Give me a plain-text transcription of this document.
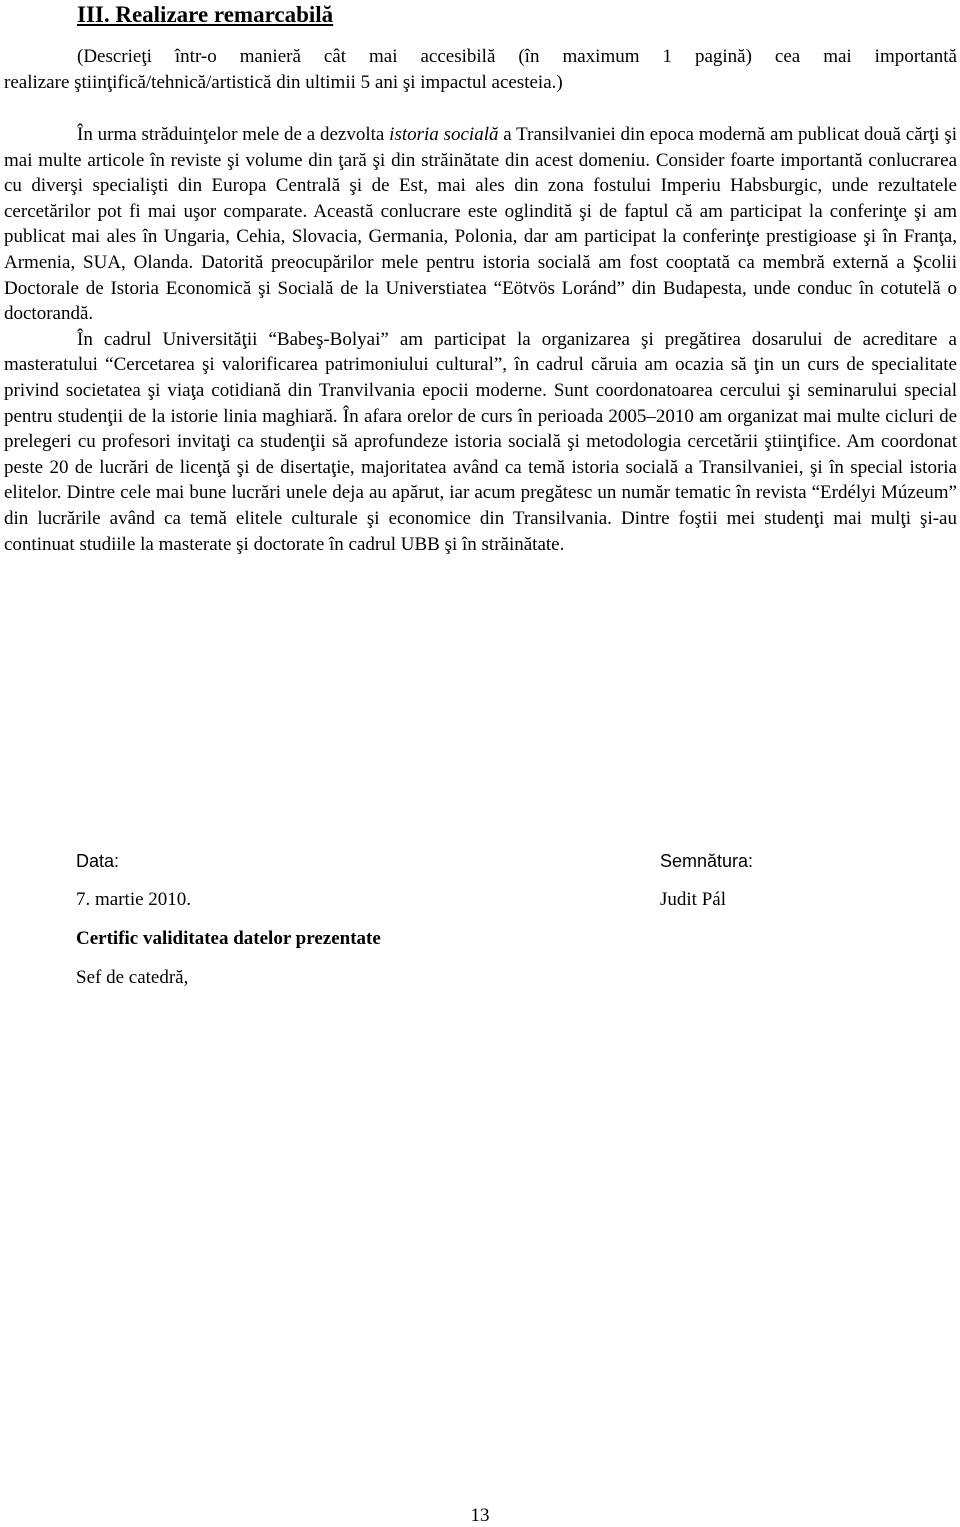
III. Realizare remarcabilă
(Descrieţi într-o manieră cât mai accesibilă (în maximum 1 pagină) cea mai importantă
realizare ştiinţifică/tehnică/artistică din ultimii 5 ani şi impactul acesteia.)

În urma străduinţelor mele de a dezvolta istoria socială a Transilvaniei din epoca modernă am publicat două cărţi şi mai multe articole în reviste şi volume din ţară şi din străinătate din acest domeniu. Consider foarte importantă conlucrarea cu diverşi specialişti din Europa Centrală şi de Est, mai ales din zona fostului Imperiu Habsburgic, unde rezultatele cercetărilor pot fi mai uşor comparate. Această conlucrare este oglindită şi de faptul că am participat la conferinţe şi am publicat mai ales în Ungaria, Cehia, Slovacia, Germania, Polonia, dar am participat la conferinţe prestigioase şi în Franţa, Armenia, SUA, Olanda. Datorită preocupărilor mele pentru istoria socială am fost cooptată ca membră externă a Şcolii Doctorale de Istoria Economică şi Socială de la Universtiatea “Eötvös Loránd” din Budapesta, unde conduc în cotutelă o doctorandă.

În cadrul Universităţii “Babeş-Bolyai” am participat la organizarea şi pregătirea dosarului de acreditare a masteratului “Cercetarea şi valorificarea patrimoniului cultural”, în cadrul căruia am ocazia să ţin un curs de specialitate privind societatea şi viaţa cotidiană din Tranvilvania epocii moderne. Sunt coordonatoarea cercului şi seminarului special pentru studenţii de la istorie linia maghiară. În afara orelor de curs în perioada 2005–2010 am organizat mai multe cicluri de prelegeri cu profesori invitaţi ca studenţii să aprofundeze istoria socială şi metodologia cercetării ştiinţifice. Am coordonat peste 20 de lucrări de licenţă şi de disertaţie, majoritatea având ca temă istoria socială a Transilvaniei, şi în special istoria elitelor. Dintre cele mai bune lucrări unele deja au apărut, iar acum pregătesc un număr tematic în revista “Erdélyi Múzeum” din lucrările având ca temă elitele culturale şi economice din Transilvania. Dintre foştii mei studenţi mai mulţi şi-au continuat studiile la masterate şi doctorate în cadrul UBB şi în străinătate.

Data:	Semnătura:
7. martie 2010.	Judit Pál
Certific validitatea datelor prezentate
Sef de catedră,
13
